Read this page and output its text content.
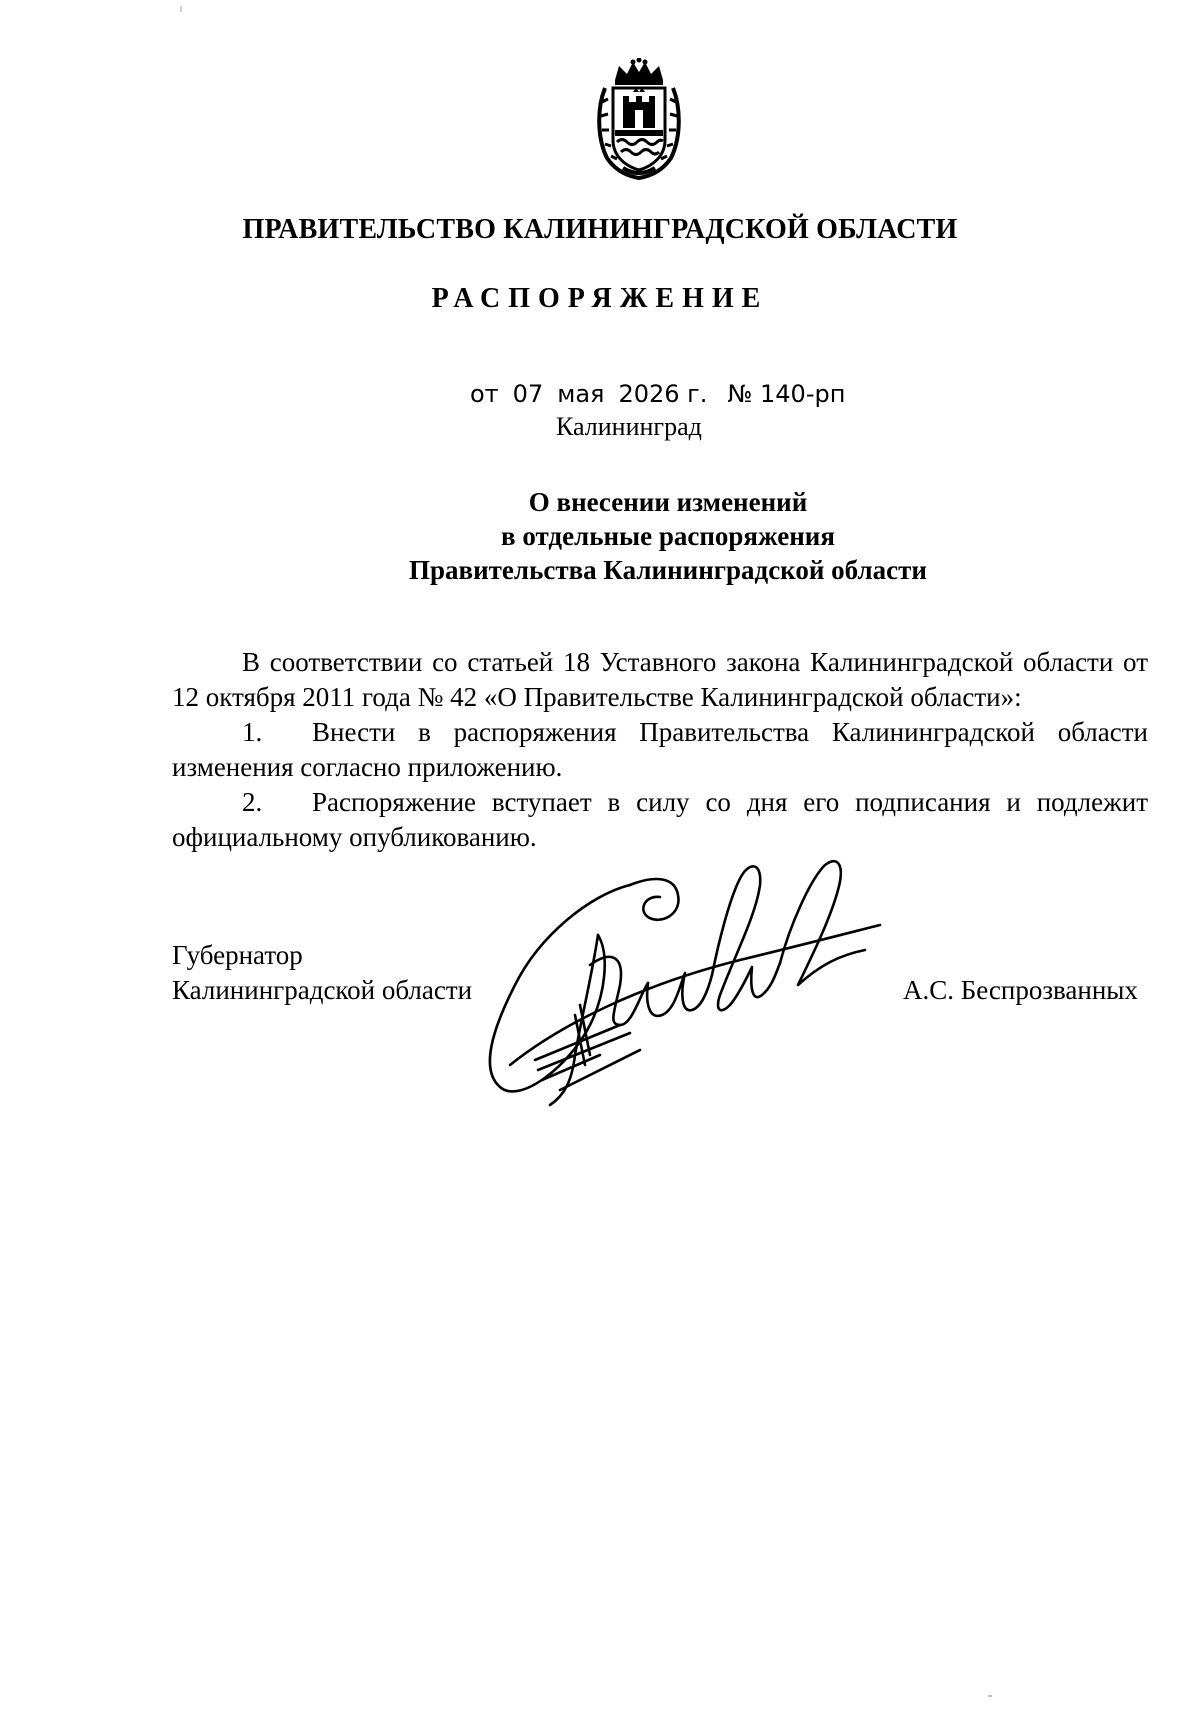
ПРАВИТЕЛЬСТВО КАЛИНИНГРАДСКОЙ ОБЛАСТИ
РАСПОРЯЖЕНИЕ
от 07 мая 2026 г. № 140-рп
Калининград
О внесении изменений
в отдельные распоряжения
Правительства Калининградской области

В соответствии со статьей 18 Уставного закона Калининградской области от 12 октября 2011 года № 42 «О Правительстве Калининградской области»:

1. Внести в распоряжения Правительства Калининградской области изменения согласно приложению.

2. Распоряжение вступает в силу со дня его подписания и подлежит официальному опубликованию.

Губернатор
Калининградской области	А.С. Беспрозванных
